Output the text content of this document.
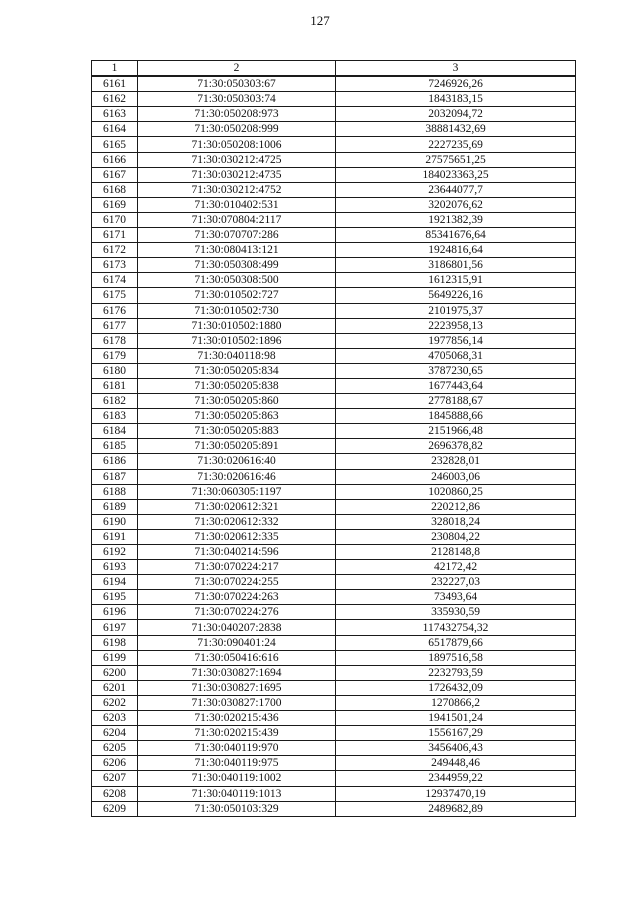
127
1	2	3
6161	71:30:050303:67	7246926,26
6162	71:30:050303:74	1843183,15
6163	71:30:050208:973	2032094,72
6164	71:30:050208:999	38881432,69
6165	71:30:050208:1006	2227235,69
6166	71:30:030212:4725	27575651,25
6167	71:30:030212:4735	184023363,25
6168	71:30:030212:4752	23644077,7
6169	71:30:010402:531	3202076,62
6170	71:30:070804:2117	1921382,39
6171	71:30:070707:286	85341676,64
6172	71:30:080413:121	1924816,64
6173	71:30:050308:499	3186801,56
6174	71:30:050308:500	1612315,91
6175	71:30:010502:727	5649226,16
6176	71:30:010502:730	2101975,37
6177	71:30:010502:1880	2223958,13
6178	71:30:010502:1896	1977856,14
6179	71:30:040118:98	4705068,31
6180	71:30:050205:834	3787230,65
6181	71:30:050205:838	1677443,64
6182	71:30:050205:860	2778188,67
6183	71:30:050205:863	1845888,66
6184	71:30:050205:883	2151966,48
6185	71:30:050205:891	2696378,82
6186	71:30:020616:40	232828,01
6187	71:30:020616:46	246003,06
6188	71:30:060305:1197	1020860,25
6189	71:30:020612:321	220212,86
6190	71:30:020612:332	328018,24
6191	71:30:020612:335	230804,22
6192	71:30:040214:596	2128148,8
6193	71:30:070224:217	42172,42
6194	71:30:070224:255	232227,03
6195	71:30:070224:263	73493,64
6196	71:30:070224:276	335930,59
6197	71:30:040207:2838	117432754,32
6198	71:30:090401:24	6517879,66
6199	71:30:050416:616	1897516,58
6200	71:30:030827:1694	2232793,59
6201	71:30:030827:1695	1726432,09
6202	71:30:030827:1700	1270866,2
6203	71:30:020215:436	1941501,24
6204	71:30:020215:439	1556167,29
6205	71:30:040119:970	3456406,43
6206	71:30:040119:975	249448,46
6207	71:30:040119:1002	2344959,22
6208	71:30:040119:1013	12937470,19
6209	71:30:050103:329	2489682,89
